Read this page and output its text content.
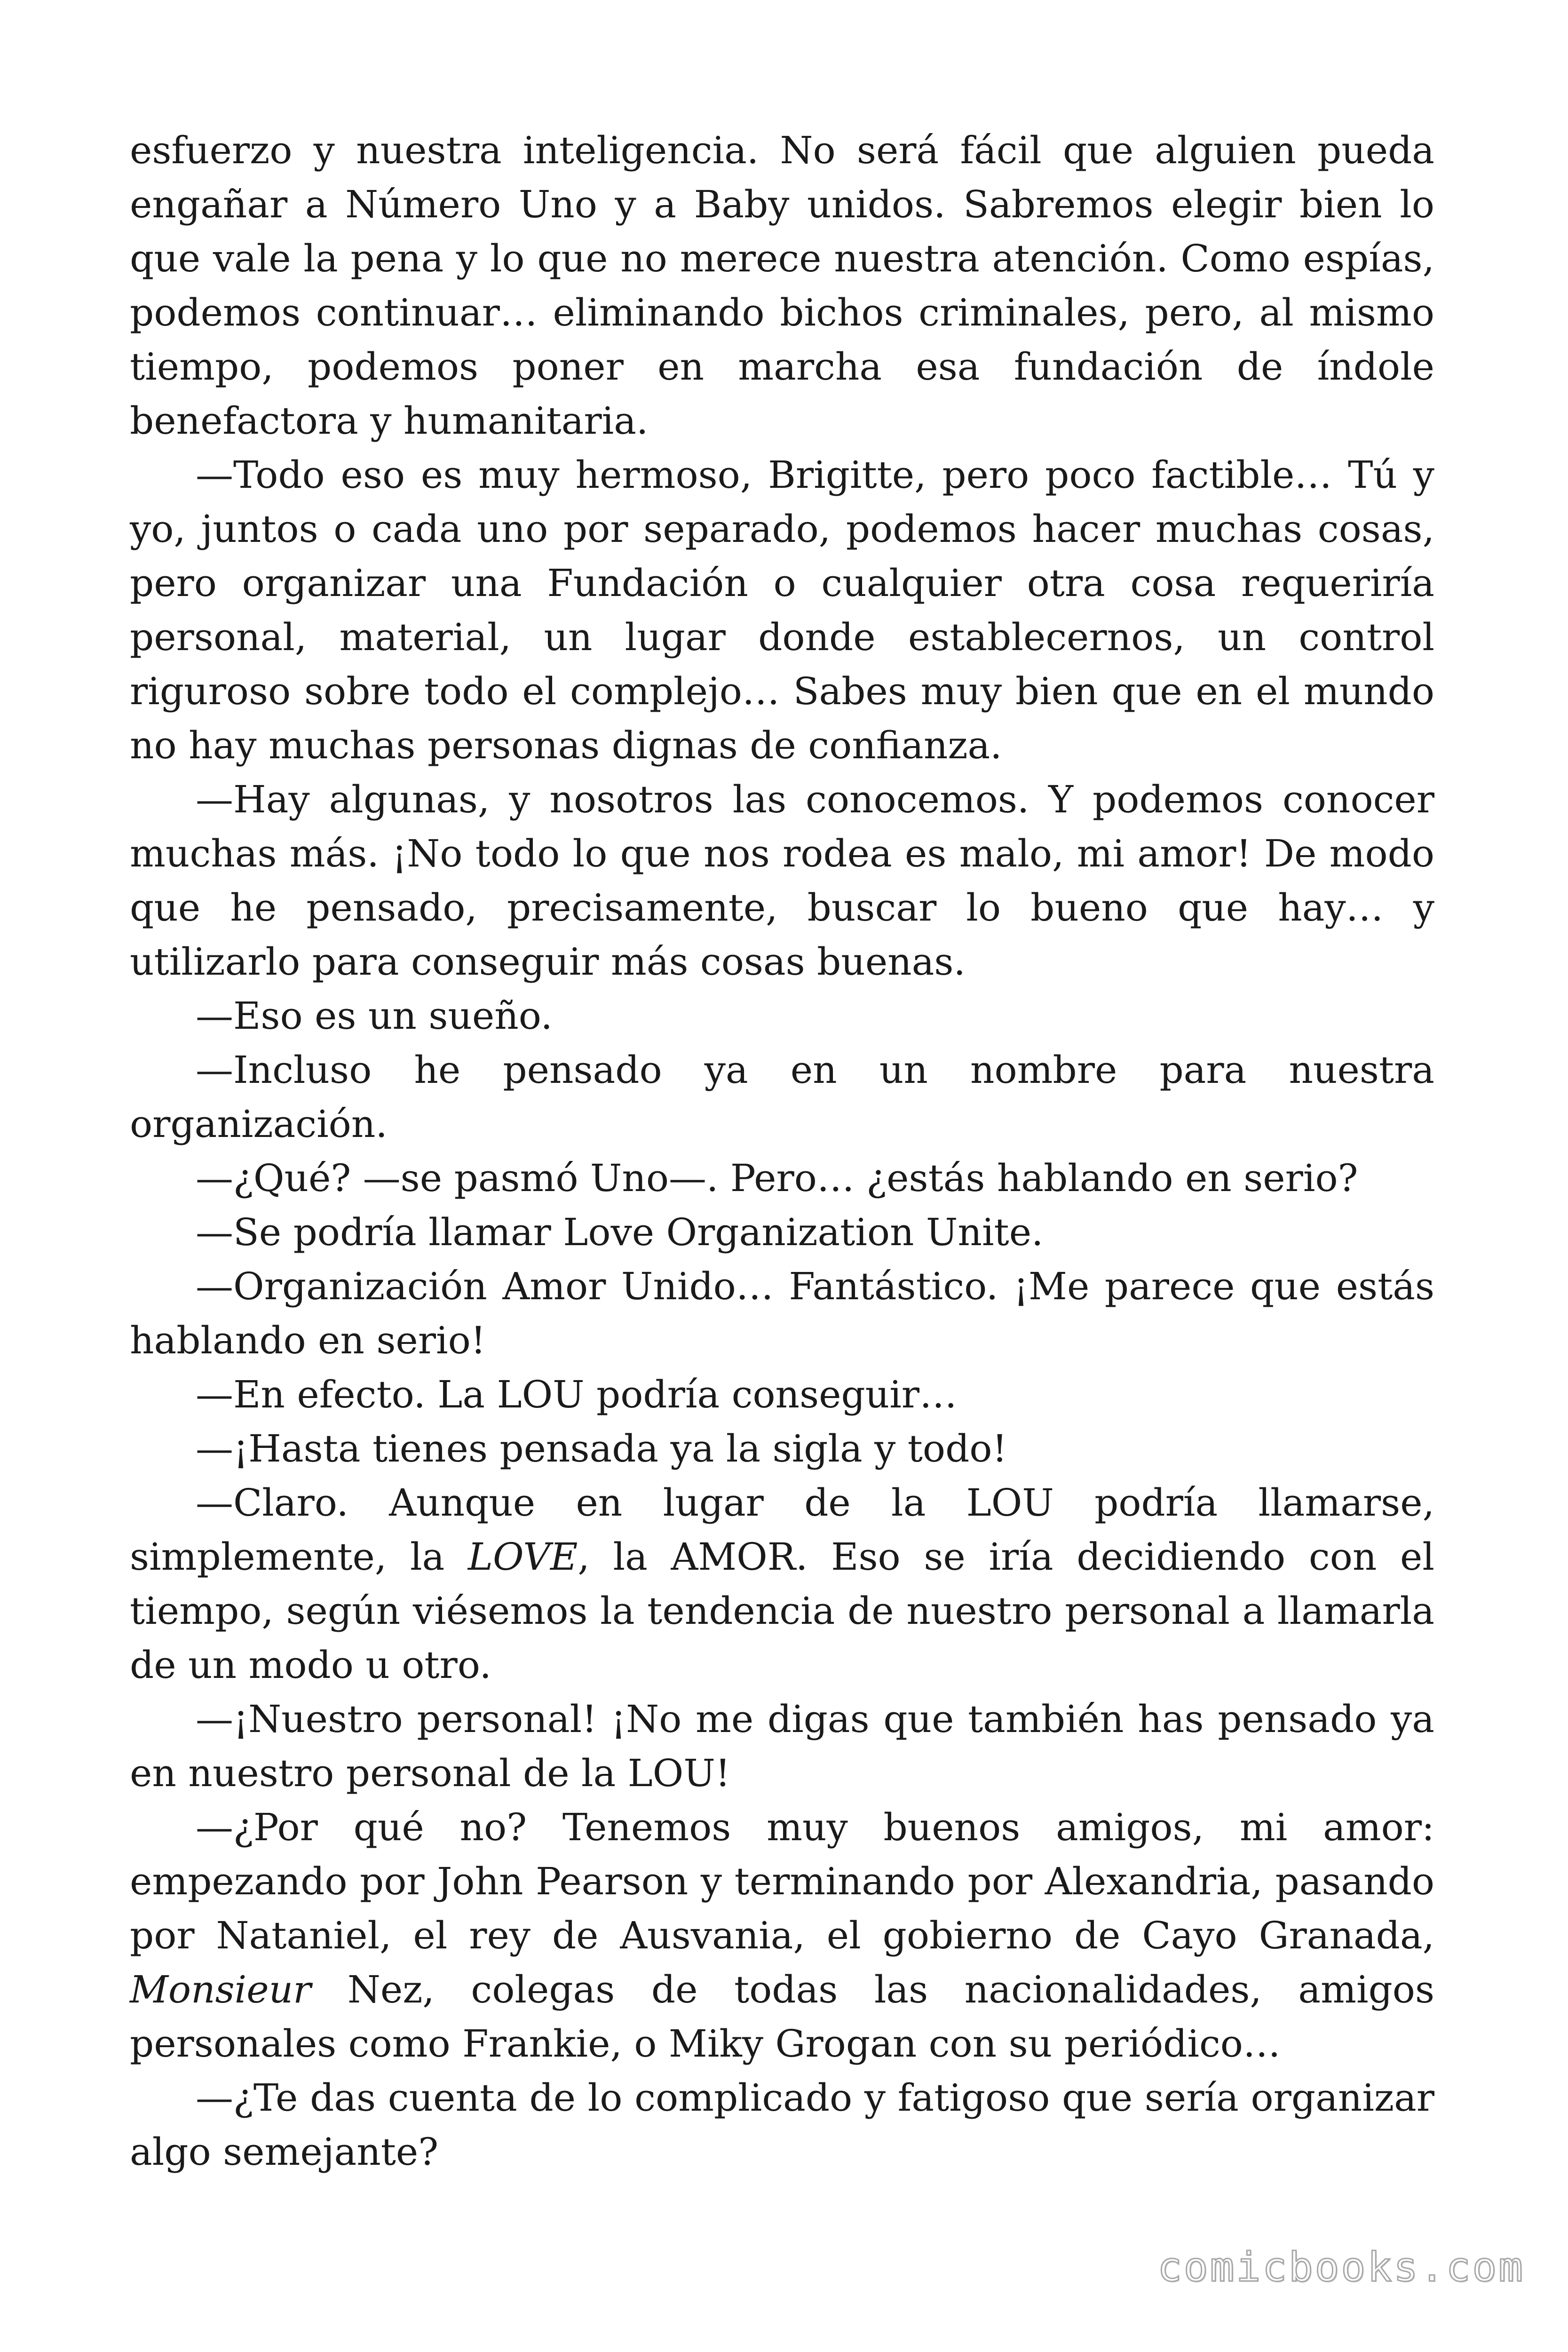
esfuerzo y nuestra inteligencia. No será fácil que alguien pueda engañar a Número Uno y a Baby unidos. Sabremos elegir bien lo que vale la pena y lo que no merece nuestra atención. Como espías, podemos continuar… eliminando bichos criminales, pero, al mismo tiempo, podemos poner en marcha esa fundación de índole benefactora y humanitaria.

—Todo eso es muy hermoso, Brigitte, pero poco factible… Tú y yo, juntos o cada uno por separado, podemos hacer muchas cosas, pero organizar una Fundación o cualquier otra cosa requeriría personal, material, un lugar donde establecernos, un control riguroso sobre todo el complejo… Sabes muy bien que en el mundo no hay muchas personas dignas de confianza.

—Hay algunas, y nosotros las conocemos. Y podemos conocer muchas más. ¡No todo lo que nos rodea es malo, mi amor! De modo que he pensado, precisamente, buscar lo bueno que hay… y utilizarlo para conseguir más cosas buenas.

—Eso es un sueño.

—Incluso he pensado ya en un nombre para nuestra organización.

—¿Qué? —se pasmó Uno—. Pero… ¿estás hablando en serio?

—Se podría llamar Love Organization Unite.

—Organización Amor Unido… Fantástico. ¡Me parece que estás hablando en serio!

—En efecto. La LOU podría conseguir…

—¡Hasta tienes pensada ya la sigla y todo!

—Claro. Aunque en lugar de la LOU podría llamarse, simplemente, la LOVE, la AMOR. Eso se iría decidiendo con el tiempo, según viésemos la tendencia de nuestro personal a llamarla de un modo u otro.

—¡Nuestro personal! ¡No me digas que también has pensado ya en nuestro personal de la LOU!

—¿Por qué no? Tenemos muy buenos amigos, mi amor: empezando por John Pearson y terminando por Alexandria, pasando por Nataniel, el rey de Ausvania, el gobierno de Cayo Granada, Monsieur Nez, colegas de todas las nacionalidades, amigos personales como Frankie, o Miky Grogan con su periódico…

—¿Te das cuenta de lo complicado y fatigoso que sería organizar algo semejante?

comicbooks.com
